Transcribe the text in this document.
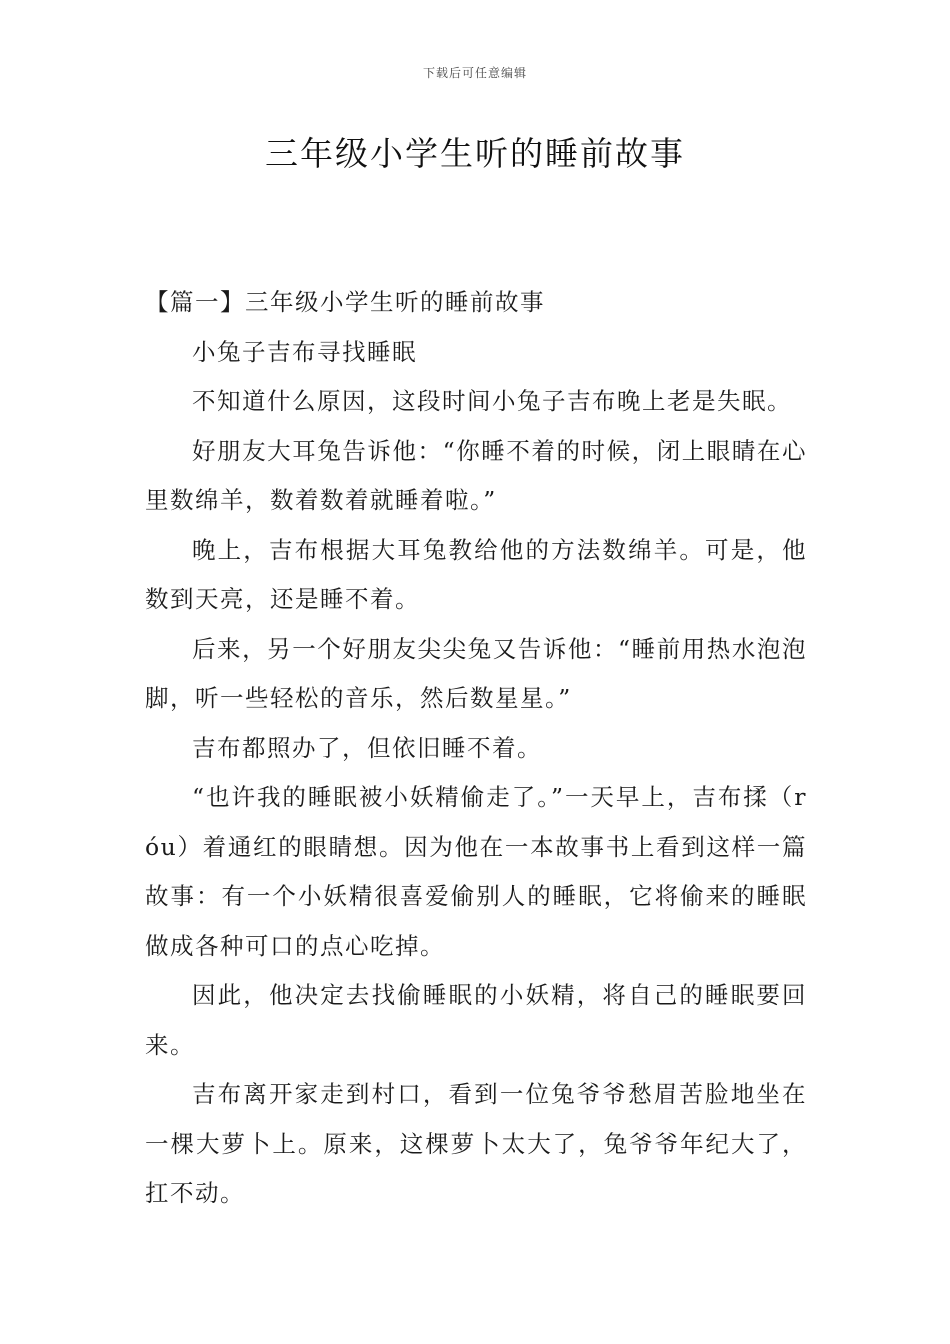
下载后可任意编辑
三年级小学生听的睡前故事

【篇一】三年级小学生听的睡前故事

小兔子吉布寻找睡眠

不知道什么原因，这段时间小兔子吉布晚上老是失眠。

好朋友大耳兔告诉他：“你睡不着的时候，闭上眼睛在心里数绵羊，数着数着就睡着啦。”

晚上，吉布根据大耳兔教给他的方法数绵羊。可是，他数到天亮，还是睡不着。

后来，另一个好朋友尖尖兔又告诉他：“睡前用热水泡泡脚，听一些轻松的音乐，然后数星星。”

吉布都照办了，但依旧睡不着。

“也许我的睡眠被小妖精偷走了。”一天早上，吉布揉（róu）着通红的眼睛想。因为他在一本故事书上看到这样一篇故事：有一个小妖精很喜爱偷别人的睡眠，它将偷来的睡眠做成各种可口的点心吃掉。

因此，他决定去找偷睡眠的小妖精，将自己的睡眠要回来。

吉布离开家走到村口，看到一位兔爷爷愁眉苦脸地坐在一棵大萝卜上。原来，这棵萝卜太大了，兔爷爷年纪大了，扛不动。
